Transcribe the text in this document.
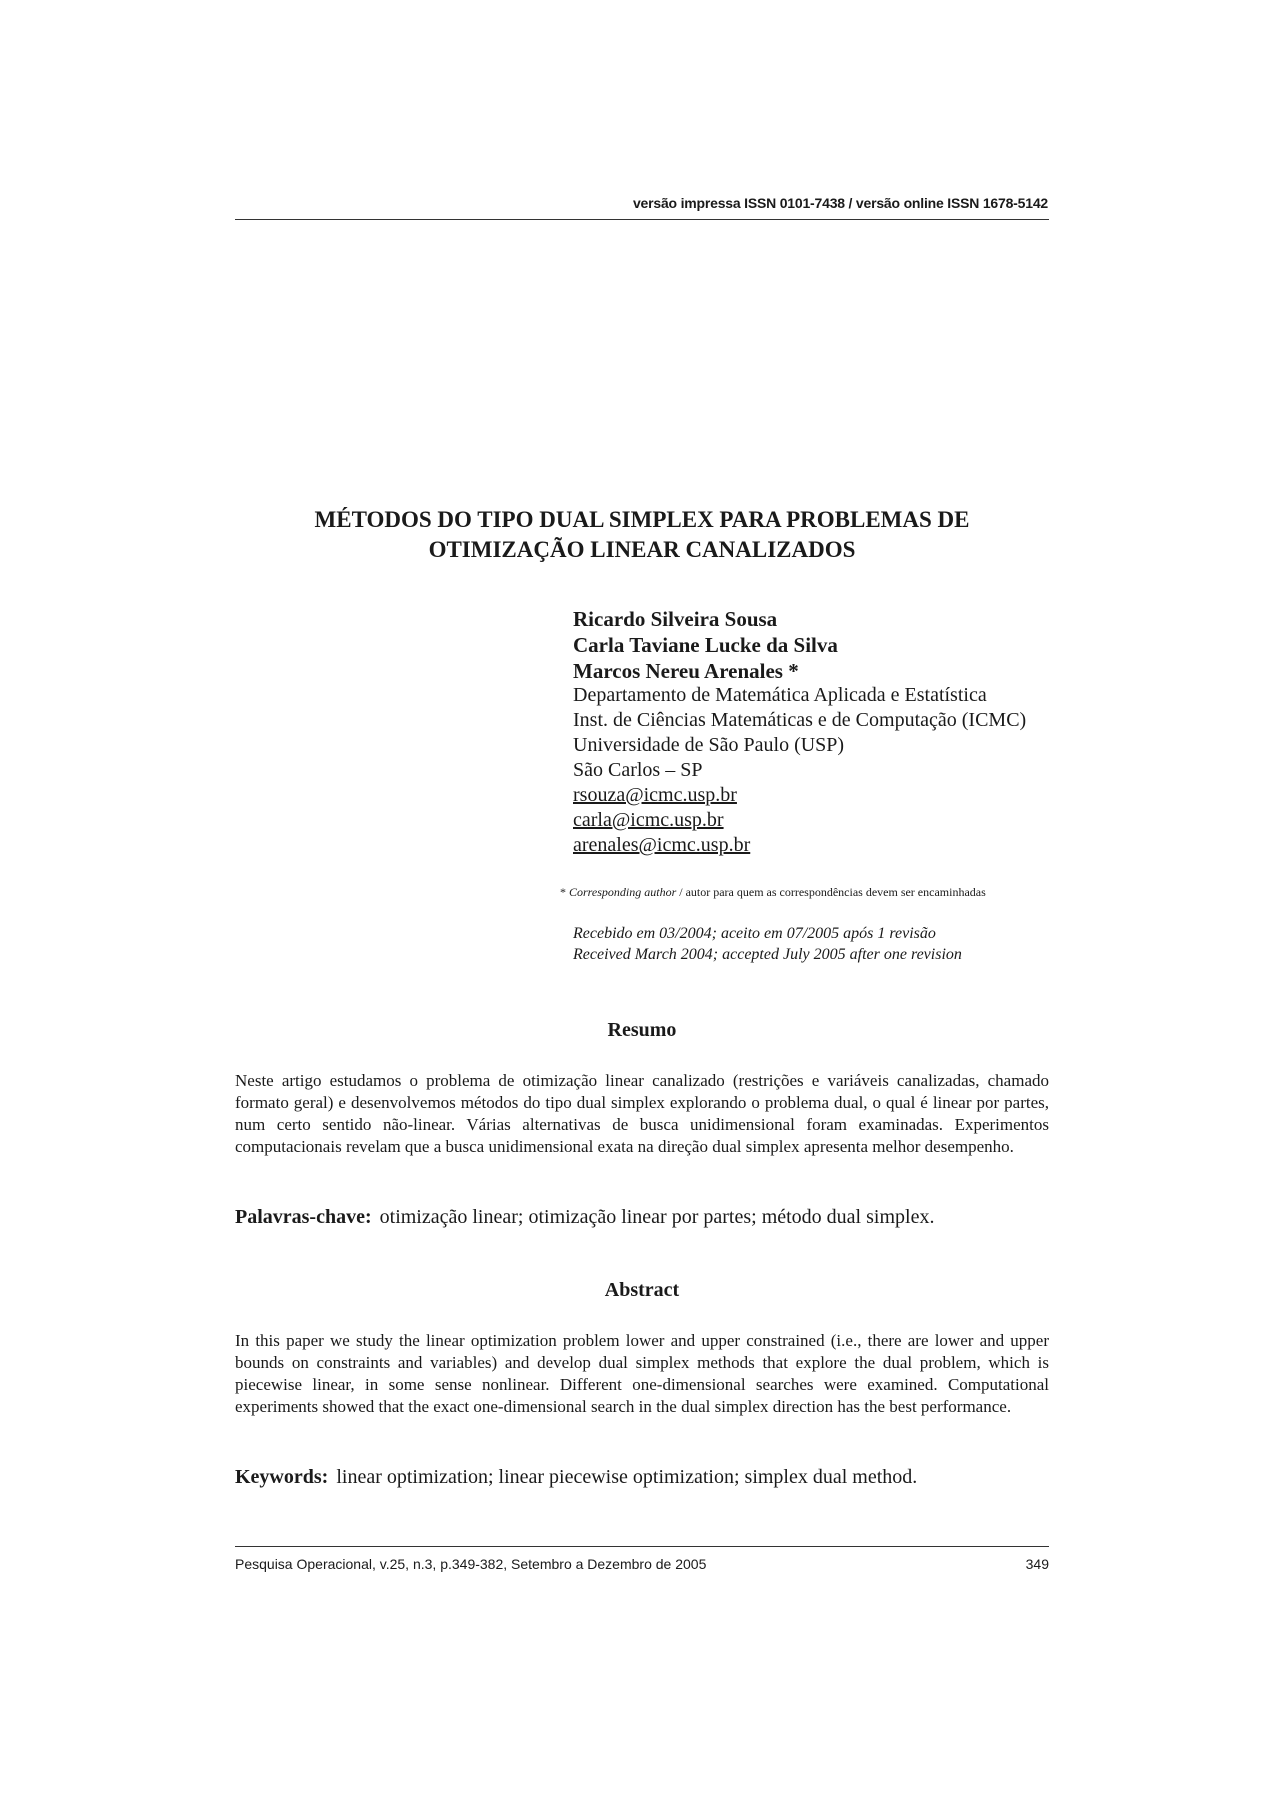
versão impressa ISSN 0101-7438 / versão online ISSN 1678-5142
MÉTODOS DO TIPO DUAL SIMPLEX PARA PROBLEMAS DE
OTIMIZAÇÃO LINEAR CANALIZADOS
Ricardo Silveira Sousa
Carla Taviane Lucke da Silva
Marcos Nereu Arenales *
Departamento de Matemática Aplicada e Estatística
Inst. de Ciências Matemáticas e de Computação (ICMC)
Universidade de São Paulo (USP)
São Carlos – SP
rsouza@icmc.usp.br
carla@icmc.usp.br
arenales@icmc.usp.br
* Corresponding author / autor para quem as correspondências devem ser encaminhadas
Recebido em 03/2004; aceito em 07/2005 após 1 revisão
Received March 2004; accepted July 2005 after one revision
Resumo
Neste artigo estudamos o problema de otimização linear canalizado (restrições e variáveis canalizadas, chamado formato geral) e desenvolvemos métodos do tipo dual simplex explorando o problema dual, o qual é linear por partes, num certo sentido não-linear. Várias alternativas de busca unidimensional foram examinadas. Experimentos computacionais revelam que a busca unidimensional exata na direção dual simplex apresenta melhor desempenho.
Palavras-chave: otimização linear; otimização linear por partes; método dual simplex.
Abstract
In this paper we study the linear optimization problem lower and upper constrained (i.e., there are lower and upper bounds on constraints and variables) and develop dual simplex methods that explore the dual problem, which is piecewise linear, in some sense nonlinear. Different one-dimensional searches were examined. Computational experiments showed that the exact one-dimensional search in the dual simplex direction has the best performance.
Keywords: linear optimization; linear piecewise optimization; simplex dual method.
Pesquisa Operacional, v.25, n.3, p.349-382, Setembro a Dezembro de 2005	349
